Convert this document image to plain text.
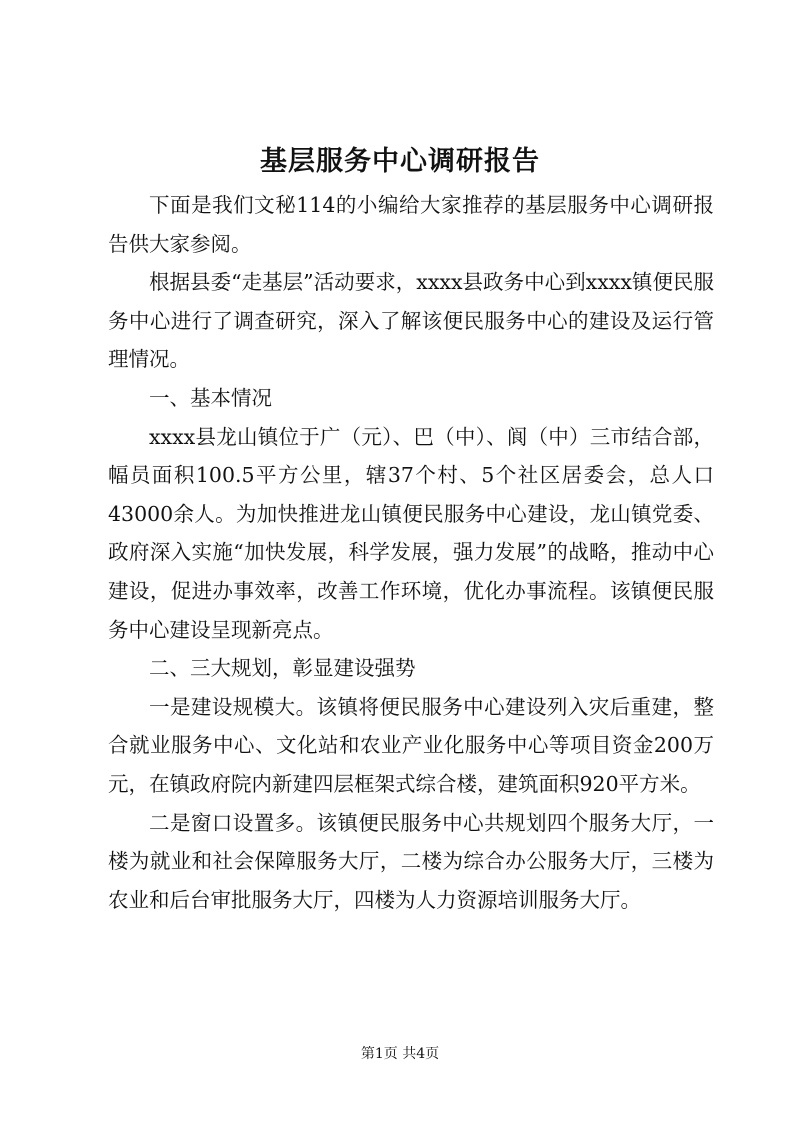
基层服务中心调研报告

下面是我们文秘114的小编给大家推荐的基层服务中心调研报告供大家参阅。

根据县委“走基层”活动要求，xxxx县政务中心到xxxx镇便民服务中心进行了调查研究，深入了解该便民服务中心的建设及运行管理情况。

一、基本情况

xxxx县龙山镇位于广（元）、巴（中）、阆（中）三市结合部，幅员面积100.5平方公里，辖37个村、5个社区居委会，总人口43000余人。为加快推进龙山镇便民服务中心建设，龙山镇党委、政府深入实施“加快发展，科学发展，强力发展”的战略，推动中心建设，促进办事效率，改善工作环境，优化办事流程。该镇便民服务中心建设呈现新亮点。

二、三大规划，彰显建设强势

一是建设规模大。该镇将便民服务中心建设列入灾后重建，整合就业服务中心、文化站和农业产业化服务中心等项目资金200万元，在镇政府院内新建四层框架式综合楼，建筑面积920平方米。

二是窗口设置多。该镇便民服务中心共规划四个服务大厅，一楼为就业和社会保障服务大厅，二楼为综合办公服务大厅，三楼为农业和后台审批服务大厅，四楼为人力资源培训服务大厅。

第1页 共4页
